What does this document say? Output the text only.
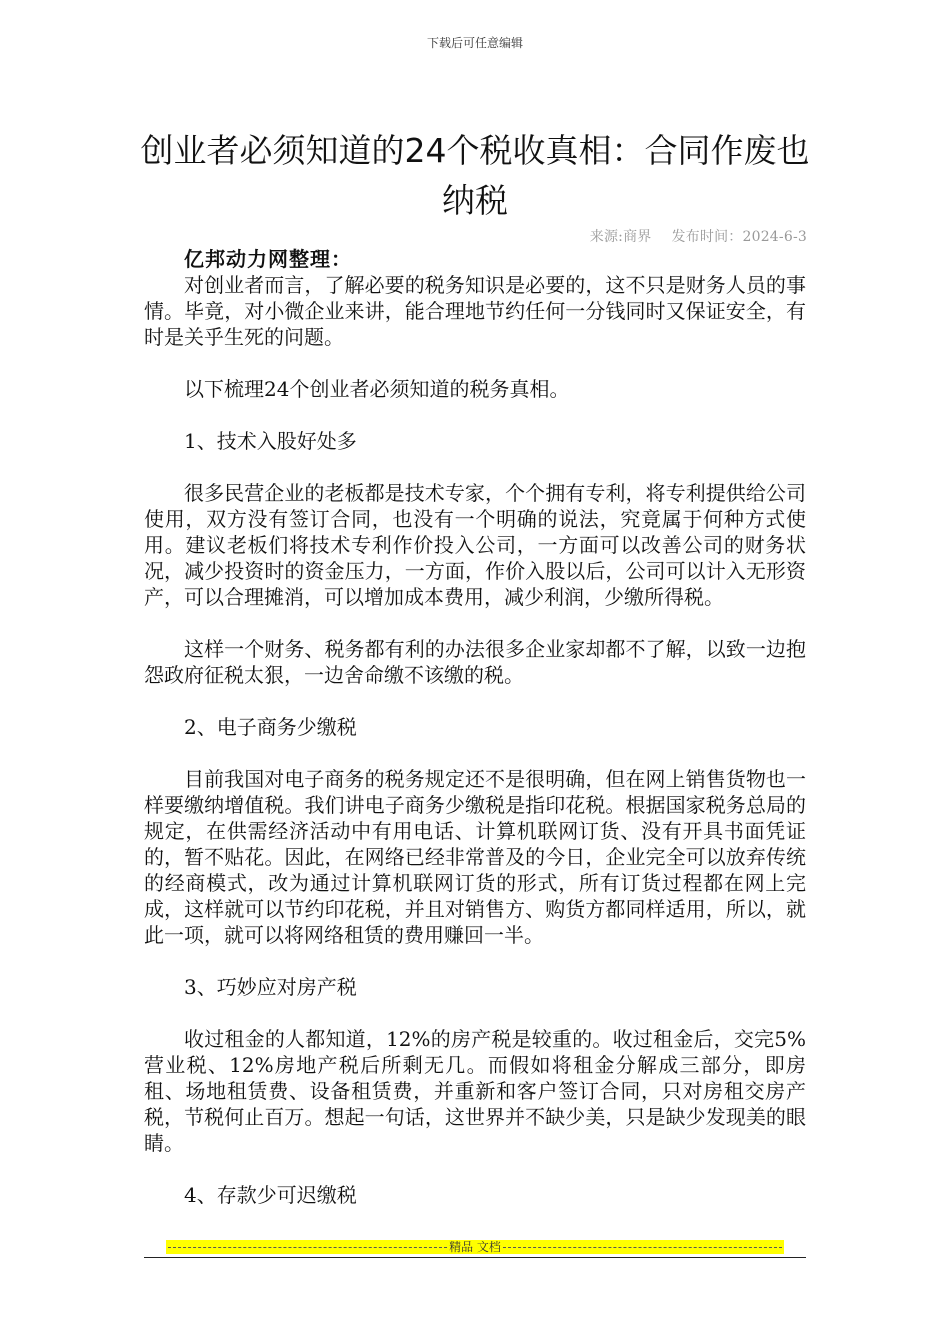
下载后可任意编辑
创业者必须知道的24个税收真相：合同作废也纳税
来源:商界 发布时间：2024-6-3

亿邦动力网整理：

对创业者而言，了解必要的税务知识是必要的，这不只是财务人员的事情。毕竟，对小微企业来讲，能合理地节约任何一分钱同时又保证安全，有时是关乎生死的问题。

以下梳理24个创业者必须知道的税务真相。

1、技术入股好处多

很多民营企业的老板都是技术专家，个个拥有专利，将专利提供给公司使用，双方没有签订合同，也没有一个明确的说法，究竟属于何种方式使用。建议老板们将技术专利作价投入公司，一方面可以改善公司的财务状况，减少投资时的资金压力，一方面，作价入股以后，公司可以计入无形资产，可以合理摊消，可以增加成本费用，减少利润，少缴所得税。

这样一个财务、税务都有利的办法很多企业家却都不了解，以致一边抱怨政府征税太狠，一边舍命缴不该缴的税。

2、电子商务少缴税

目前我国对电子商务的税务规定还不是很明确，但在网上销售货物也一样要缴纳增值税。我们讲电子商务少缴税是指印花税。根据国家税务总局的规定，在供需经济活动中有用电话、计算机联网订货、没有开具书面凭证的，暂不贴花。因此，在网络已经非常普及的今日，企业完全可以放弃传统的经商模式，改为通过计算机联网订货的形式，所有订货过程都在网上完成，这样就可以节约印花税，并且对销售方、购货方都同样适用，所以，就此一项，就可以将网络租赁的费用赚回一半。

3、巧妙应对房产税

收过租金的人都知道，12%的房产税是较重的。收过租金后，交完5%营业税、12%房地产税后所剩无几。而假如将租金分解成三部分，即房租、场地租赁费、设备租赁费，并重新和客户签订合同，只对房租交房产税，节税何止百万。想起一句话，这世界并不缺少美，只是缺少发现美的眼睛。

4、存款少可迟缴税

精品 文档
